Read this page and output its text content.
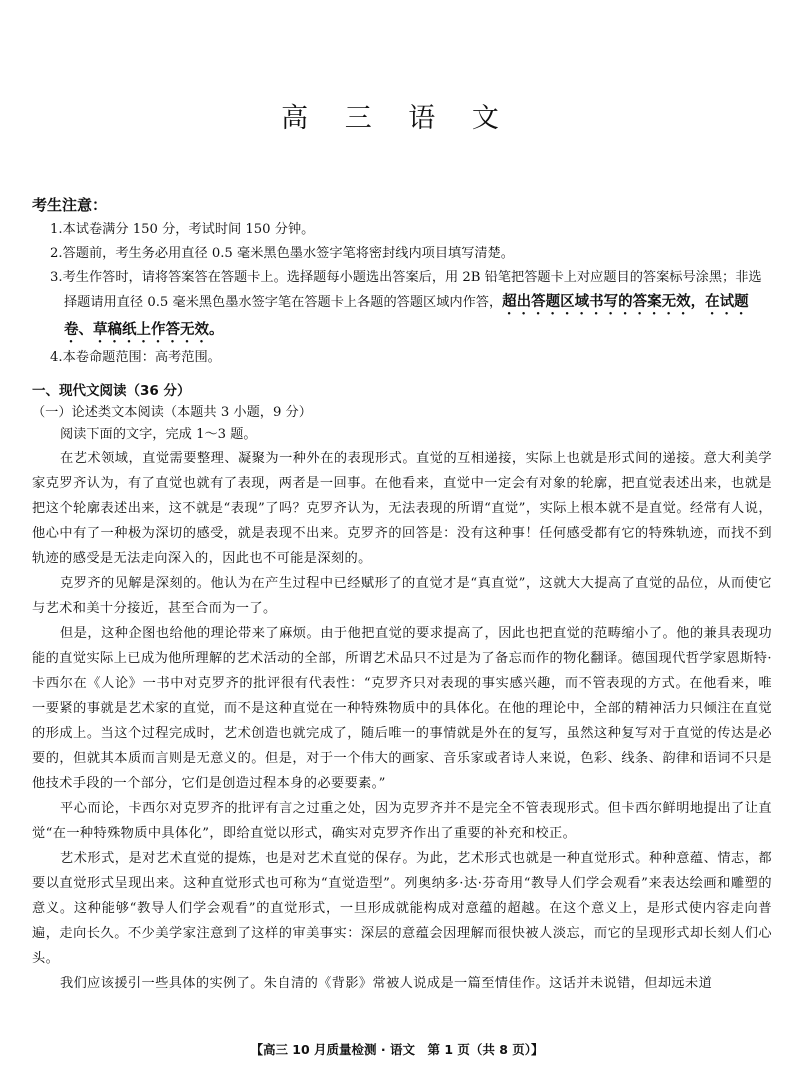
高 三 语 文
考生注意：
1.本试卷满分 150 分，考试时间 150 分钟。
2.答题前，考生务必用直径 0.5 毫米黑色墨水签字笔将密封线内项目填写清楚。
3.考生作答时，请将答案答在答题卡上。选择题每小题选出答案后，用 2B 铅笔把答题卡上对应题目的答案标号涂黑；非选择题请用直径 0.5 毫米黑色墨水签字笔在答题卡上各题的答题区域内作答，超出答题区域书写的答案无效，在试题卷、草稿纸上作答无效。
4.本卷命题范围：高考范围。

一、现代文阅读（36 分）

（一）论述类文本阅读（本题共 3 小题，9 分）

阅读下面的文字，完成 1～3 题。

在艺术领域，直觉需要整理、凝聚为一种外在的表现形式。直觉的互相递接，实际上也就是形式间的递接。意大利美学家克罗齐认为，有了直觉也就有了表现，两者是一回事。在他看来，直觉中一定会有对象的轮廓，把直觉表述出来，也就是把这个轮廓表述出来，这不就是“表现”了吗？克罗齐认为，无法表现的所谓“直觉”，实际上根本就不是直觉。经常有人说，他心中有了一种极为深切的感受，就是表现不出来。克罗齐的回答是：没有这种事！任何感受都有它的特殊轨迹，而找不到轨迹的感受是无法走向深入的，因此也不可能是深刻的。

克罗齐的见解是深刻的。他认为在产生过程中已经赋形了的直觉才是“真直觉”，这就大大提高了直觉的品位，从而使它与艺术和美十分接近，甚至合而为一了。

但是，这种企图也给他的理论带来了麻烦。由于他把直觉的要求提高了，因此也把直觉的范畴缩小了。他的兼具表现功能的直觉实际上已成为他所理解的艺术活动的全部，所谓艺术品只不过是为了备忘而作的物化翻译。德国现代哲学家恩斯特·卡西尔在《人论》一书中对克罗齐的批评很有代表性：“克罗齐只对表现的事实感兴趣，而不管表现的方式。在他看来，唯一要紧的事就是艺术家的直觉，而不是这种直觉在一种特殊物质中的具体化。在他的理论中，全部的精神活力只倾注在直觉的形成上。当这个过程完成时，艺术创造也就完成了，随后唯一的事情就是外在的复写，虽然这种复写对于直觉的传达是必要的，但就其本质而言则是无意义的。但是，对于一个伟大的画家、音乐家或者诗人来说，色彩、线条、韵律和语词不只是他技术手段的一个部分，它们是创造过程本身的必要要素。”

平心而论，卡西尔对克罗齐的批评有言之过重之处，因为克罗齐并不是完全不管表现形式。但卡西尔鲜明地提出了让直觉“在一种特殊物质中具体化”，即给直觉以形式，确实对克罗齐作出了重要的补充和校正。

艺术形式，是对艺术直觉的提炼，也是对艺术直觉的保存。为此，艺术形式也就是一种直觉形式。种种意蕴、情志，都要以直觉形式呈现出来。这种直觉形式也可称为“直觉造型”。列奥纳多·达·芬奇用“教导人们学会观看”来表达绘画和雕塑的意义。这种能够“教导人们学会观看”的直觉形式，一旦形成就能构成对意蕴的超越。在这个意义上，是形式使内容走向普遍，走向长久。不少美学家注意到了这样的审美事实：深层的意蕴会因理解而很快被人淡忘，而它的呈现形式却长刻人们心头。

我们应该援引一些具体的实例了。朱自清的《背影》常被人说成是一篇至情佳作。这话并未说错，但却远未道

【高三 10 月质量检测 · 语文　第 1 页（共 8 页）】
